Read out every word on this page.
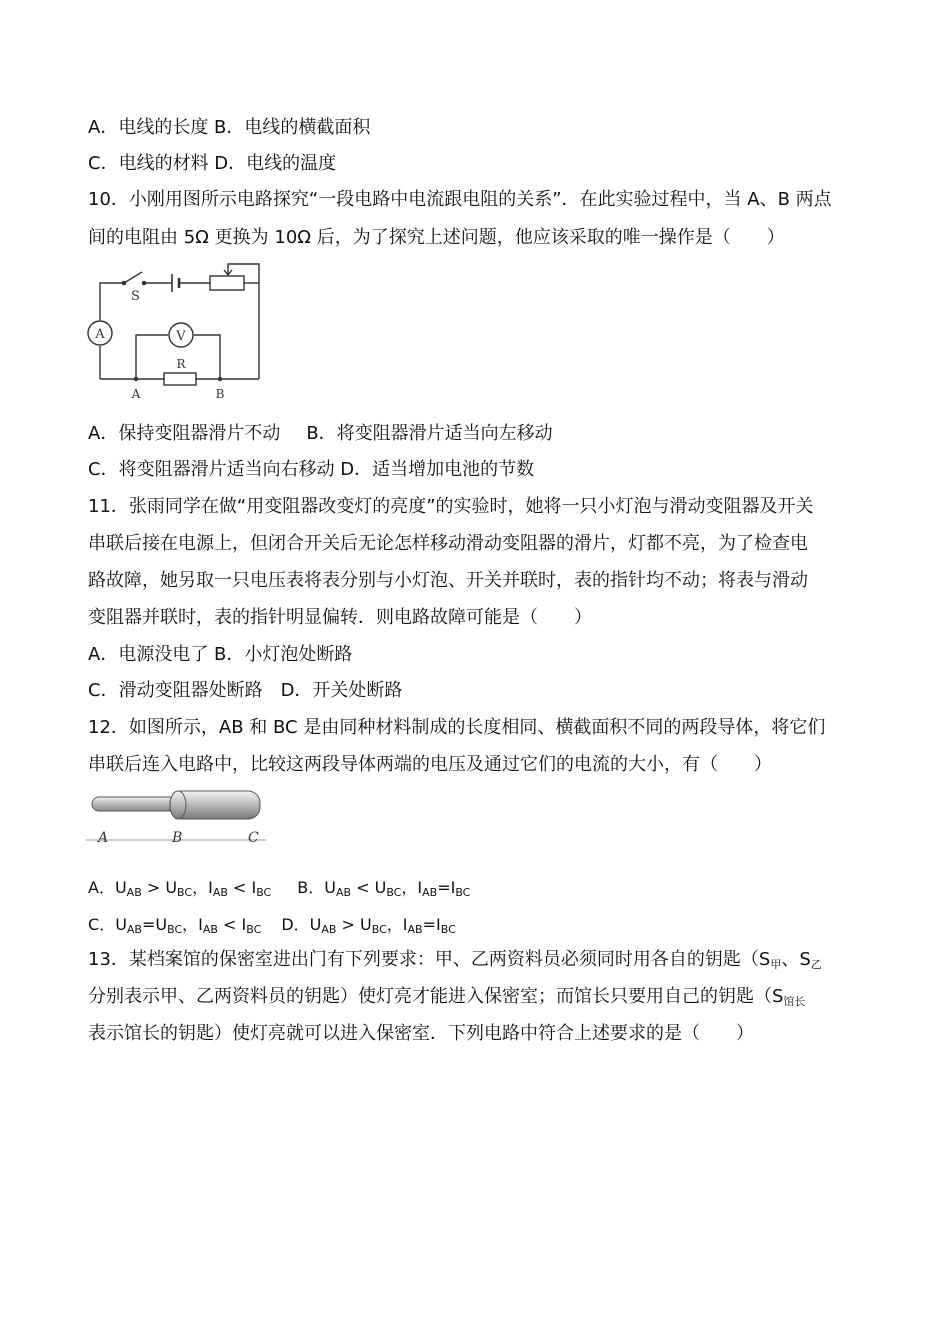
A．电线的长度 B．电线的横截面积
C．电线的材料 D．电线的温度
10．小刚用图所示电路探究“一段电路中电流跟电阻的关系”．在此实验过程中，当 A、B 两点
间的电阻由 5Ω 更换为 10Ω 后，为了探究上述问题，他应该采取的唯一操作是（　　）
S
A	V
R
A	B
A．保持变阻器滑片不动 B．将变阻器滑片适当向左移动
C．将变阻器滑片适当向右移动 D．适当增加电池的节数
11．张雨同学在做“用变阻器改变灯的亮度”的实验时，她将一只小灯泡与滑动变阻器及开关
串联后接在电源上，但闭合开关后无论怎样移动滑动变阻器的滑片，灯都不亮，为了检查电
路故障，她另取一只电压表将表分别与小灯泡、开关并联时，表的指针均不动；将表与滑动
变阻器并联时，表的指针明显偏转．则电路故障可能是（　　）
A．电源没电了 B．小灯泡处断路
C．滑动变阻器处断路　D．开关处断路
12．如图所示，AB 和 BC 是由同种材料制成的长度相同、横截面积不同的两段导体，将它们
串联后连入电路中，比较这两段导体两端的电压及通过它们的电流的大小，有（　　）
A	B	C
A．$U_{AB} > U_{BC}$，$I_{AB} < I_{BC}$ B．$U_{AB} < U_{BC}$，$I_{AB}=I_{BC}$
C．$U_{AB}=U_{BC}$，$I_{AB} < I_{BC}$ D．$U_{AB} > U_{BC}$，$I_{AB}=I_{BC}$
13．某档案馆的保密室进出门有下列要求：甲、乙两资料员必须同时用各自的钥匙（$S_甲$、$S_乙$
分别表示甲、乙两资料员的钥匙）使灯亮才能进入保密室；而馆长只要用自己的钥匙（$S_{馆长}$
表示馆长的钥匙）使灯亮就可以进入保密室．下列电路中符合上述要求的是（　　）
